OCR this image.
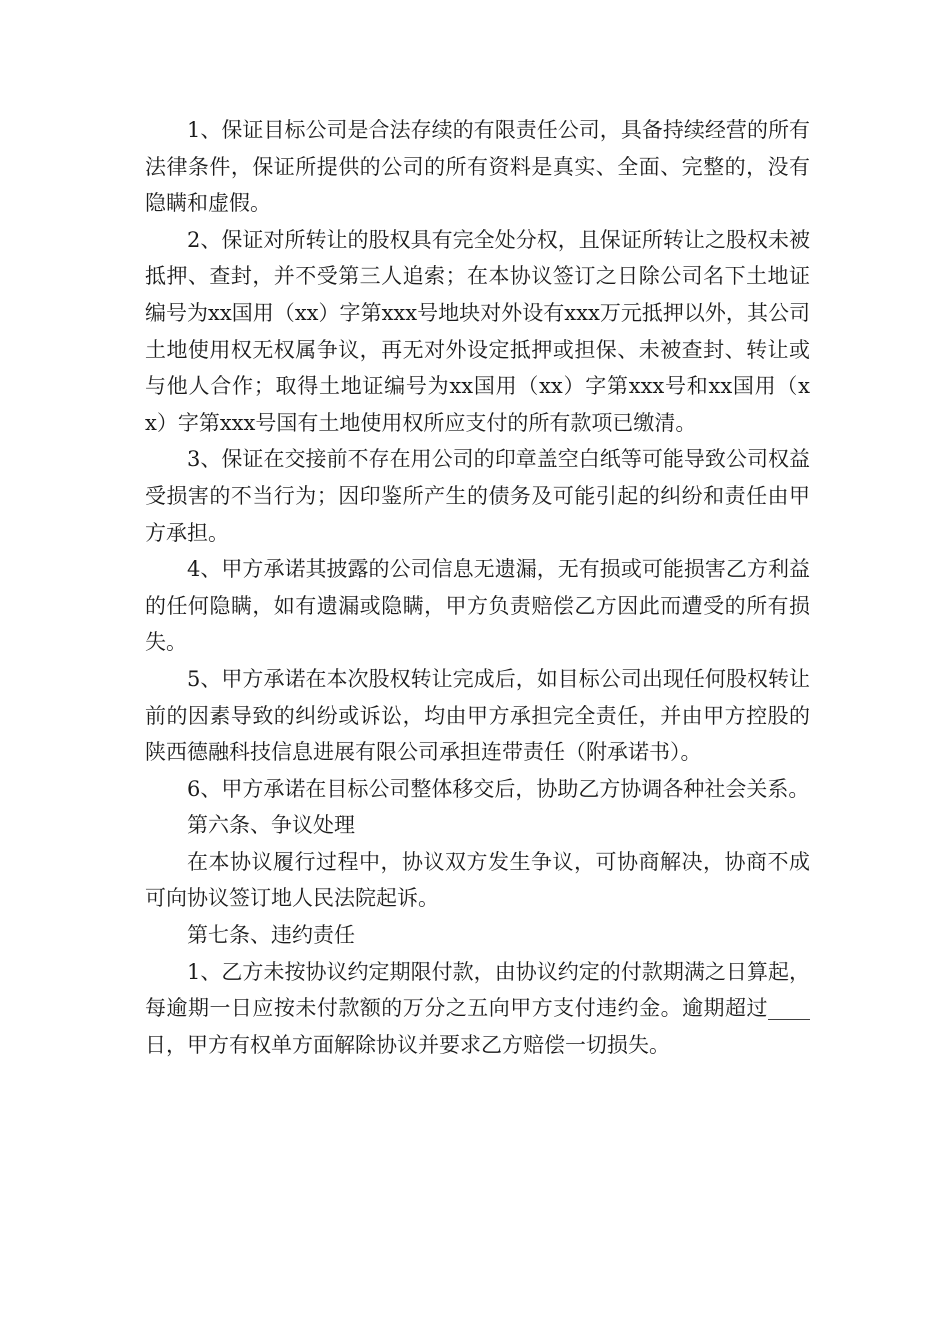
1、保证目标公司是合法存续的有限责任公司，具备持续经营的所有法律条件，保证所提供的公司的所有资料是真实、全面、完整的，没有隐瞒和虚假。

2、保证对所转让的股权具有完全处分权，且保证所转让之股权未被抵押、查封，并不受第三人追索；在本协议签订之日除公司名下土地证编号为xx国用（xx）字第xxx号地块对外设有xxx万元抵押以外，其公司土地使用权无权属争议，再无对外设定抵押或担保、未被查封、转让或与他人合作；取得土地证编号为xx国用（xx）字第xxx号和xx国用（xx）字第xxx号国有土地使用权所应支付的所有款项已缴清。

3、保证在交接前不存在用公司的印章盖空白纸等可能导致公司权益受损害的不当行为；因印鉴所产生的债务及可能引起的纠纷和责任由甲方承担。

4、甲方承诺其披露的公司信息无遗漏，无有损或可能损害乙方利益的任何隐瞒，如有遗漏或隐瞒，甲方负责赔偿乙方因此而遭受的所有损失。

5、甲方承诺在本次股权转让完成后，如目标公司出现任何股权转让前的因素导致的纠纷或诉讼，均由甲方承担完全责任，并由甲方控股的陕西德融科技信息进展有限公司承担连带责任（附承诺书）。

6、甲方承诺在目标公司整体移交后，协助乙方协调各种社会关系。

第六条、争议处理

在本协议履行过程中，协议双方发生争议，可协商解决，协商不成可向协议签订地人民法院起诉。

第七条、违约责任

1、乙方未按协议约定期限付款，由协议约定的付款期满之日算起，每逾期一日应按未付款额的万分之五向甲方支付违约金。逾期超过____日，甲方有权单方面解除协议并要求乙方赔偿一切损失。
